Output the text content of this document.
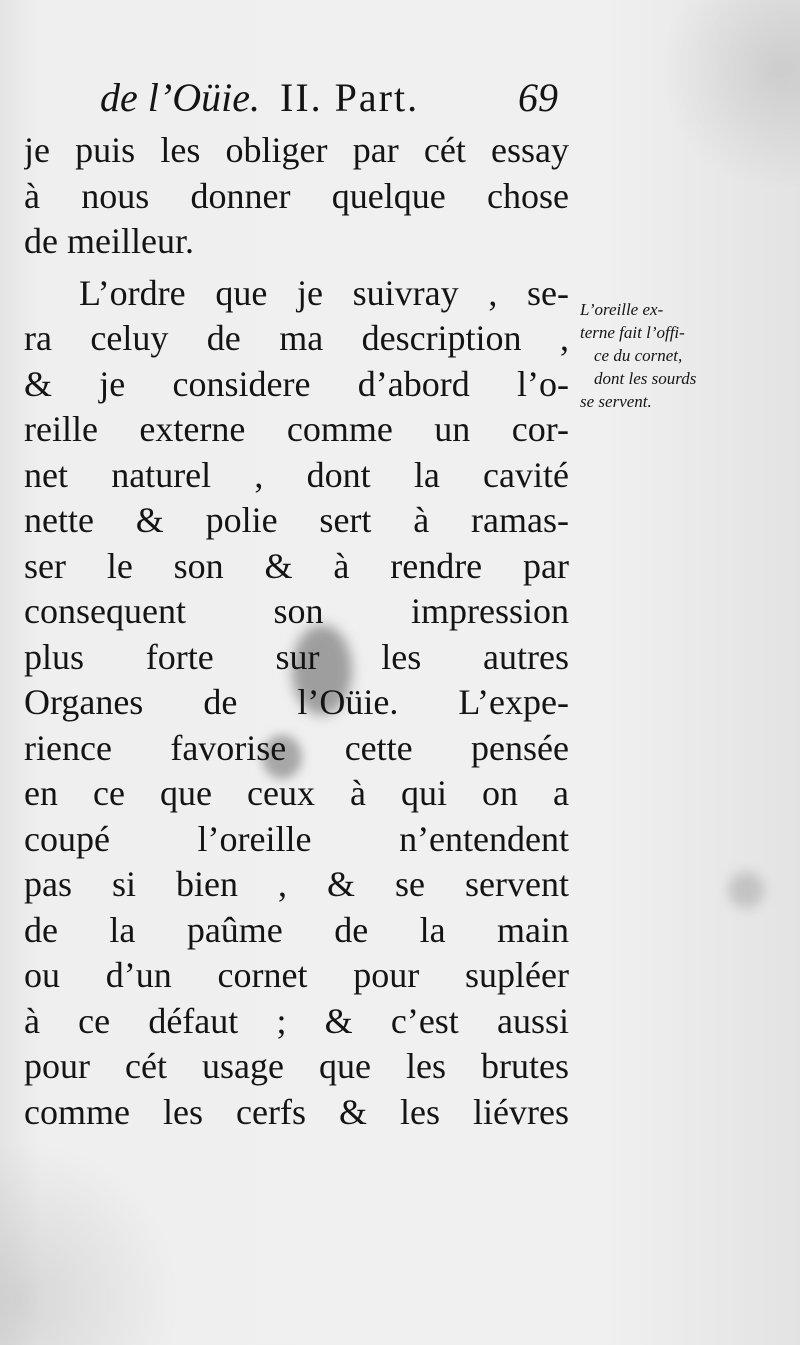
de l’Oüie. II. Part. 69
je puis les obliger par cét essay
à nous donner quelque chose
de meilleur.
L’ordre que je suivray , se-
ra celuy de ma description ,
& je considere d’abord l’o-
reille externe comme un cor-
net naturel , dont la cavité
nette & polie sert à ramas-
ser le son & à rendre par
consequent son impression
plus forte sur les autres
Organes de l’Oüie. L’expe-
rience favorise cette pensée
en ce que ceux à qui on a
coupé l’oreille n’entendent
pas si bien , & se servent
de la paûme de la main
ou d’un cornet pour supléer
à ce défaut ; & c’est aussi
pour cét usage que les brutes
comme les cerfs & les liévres
L’oreille ex-
terne fait l’offi-
ce du cornet,
dont les sourds
se servent.
